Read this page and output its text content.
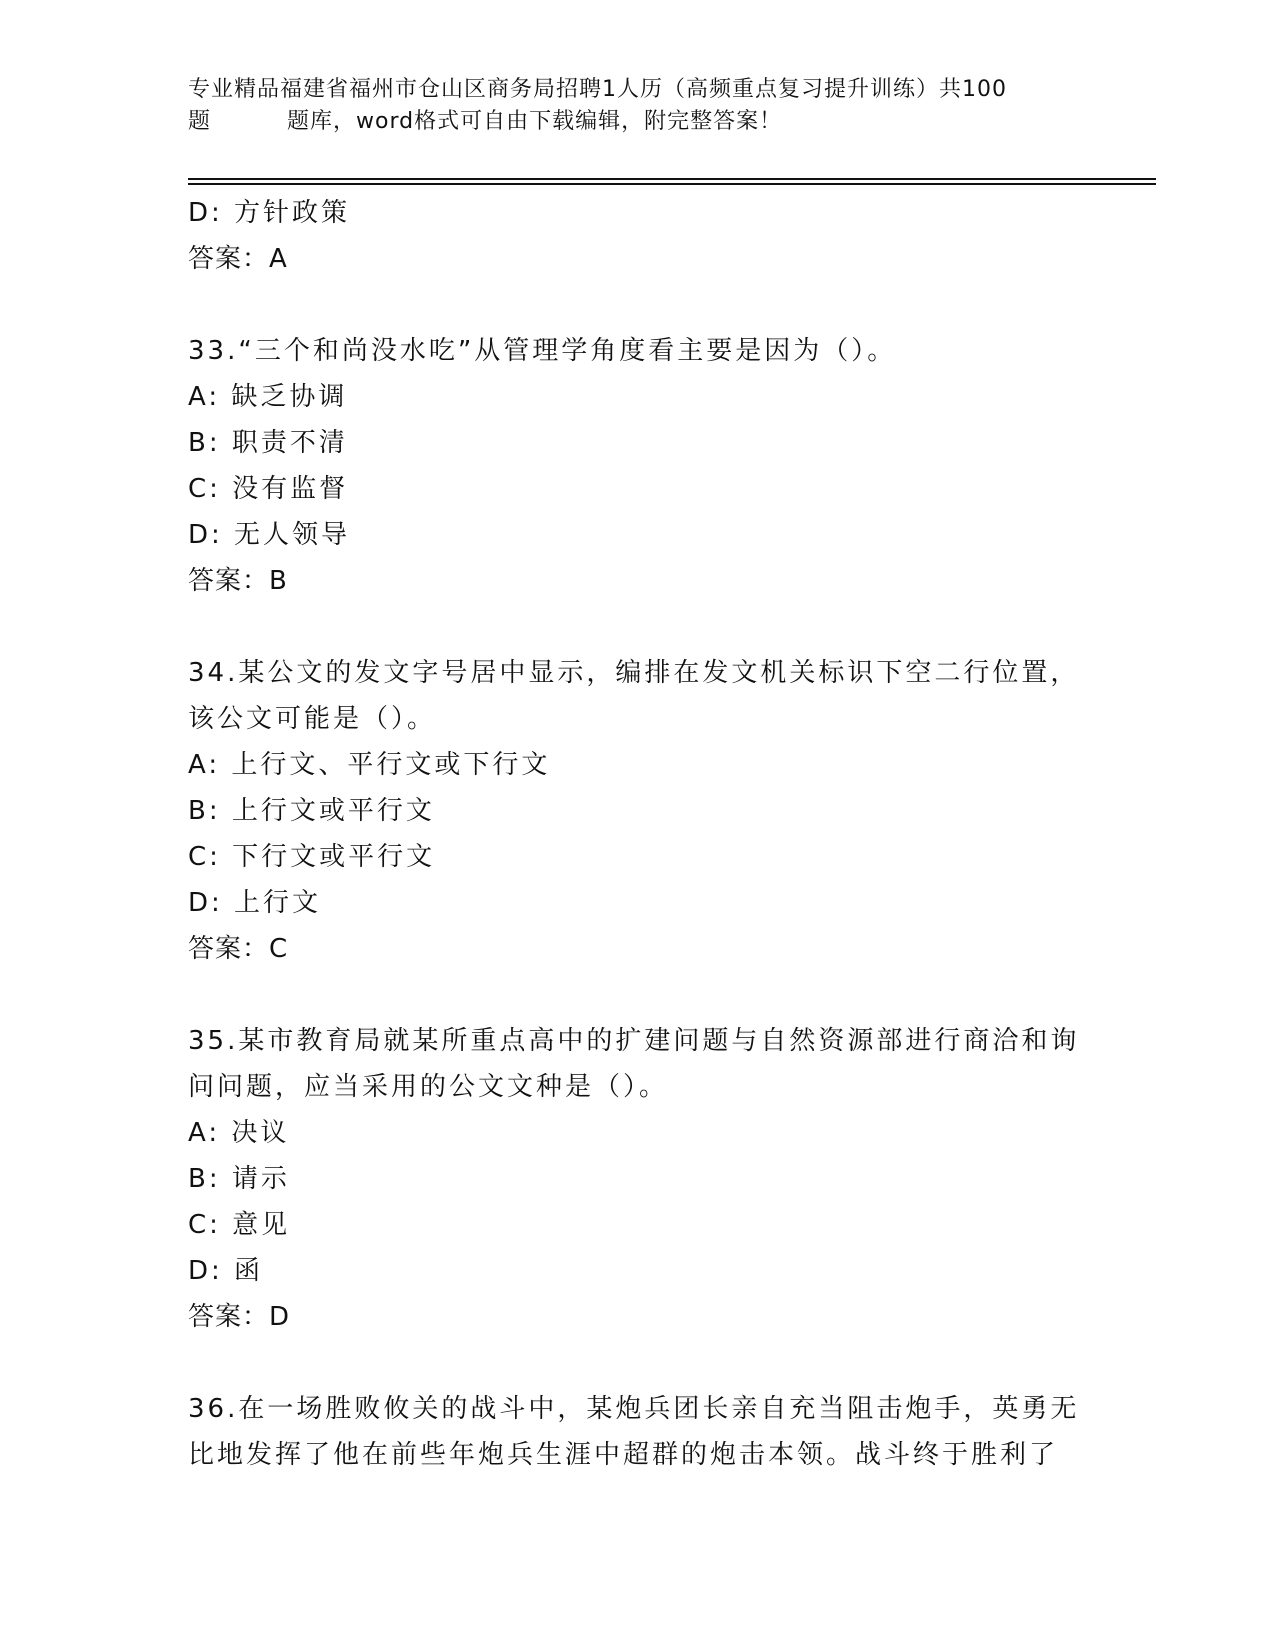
专业精品福建省福州市仓山区商务局招聘1人历（高频重点复习提升训练）共100
题	题库，word格式可自由下载编辑，附完整答案！
D: 方针政策
答案：A
33.“三个和尚没水吃”从管理学角度看主要是因为（）。
A: 缺乏协调
B: 职责不清
C: 没有监督
D: 无人领导
答案：B
34.某公文的发文字号居中显示，编排在发文机关标识下空二行位置，
该公文可能是（）。
A: 上行文、平行文或下行文
B: 上行文或平行文
C: 下行文或平行文
D: 上行文
答案：C
35.某市教育局就某所重点高中的扩建问题与自然资源部进行商洽和询
问问题，应当采用的公文文种是（）。
A: 决议
B: 请示
C: 意见
D: 函
答案：D
36.在一场胜败攸关的战斗中，某炮兵团长亲自充当阻击炮手，英勇无
比地发挥了他在前些年炮兵生涯中超群的炮击本领。战斗终于胜利了
